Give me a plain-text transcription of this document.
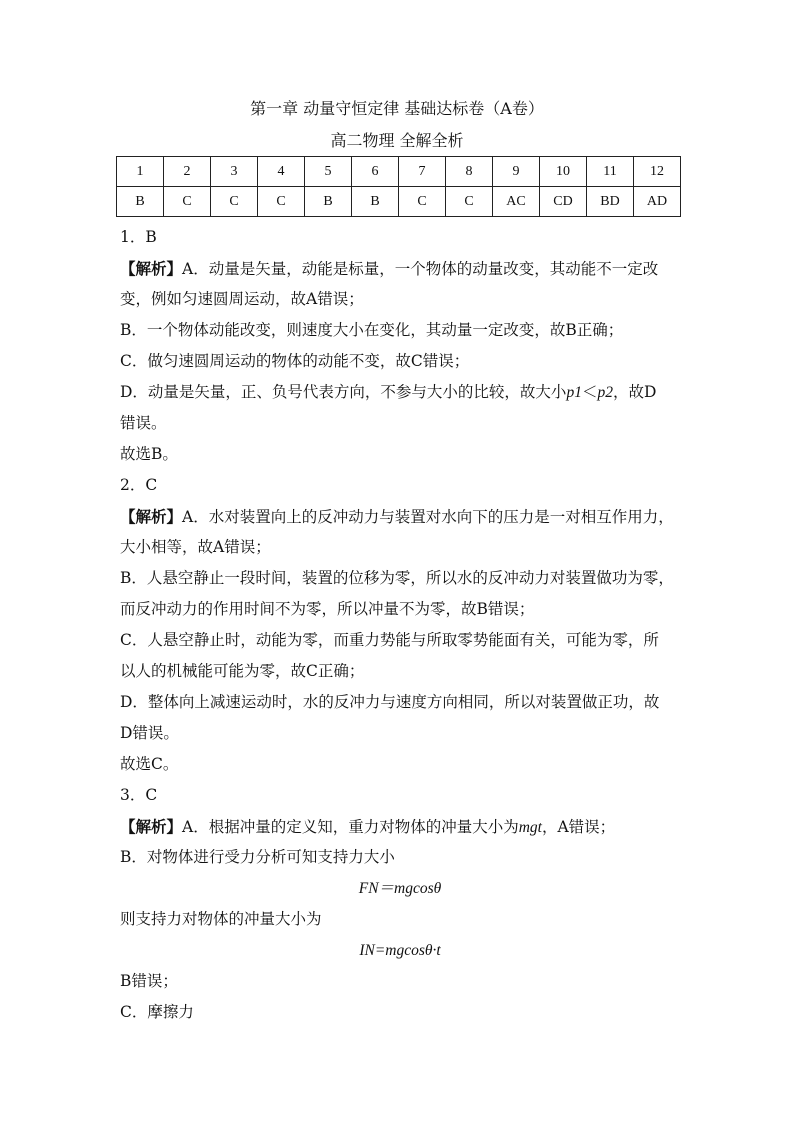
第一章 动量守恒定律 基础达标卷（A卷）
高二物理 全解全析
1	2	3	4	5	6	7	8	9	10	11	12
B	C	C	C	B	B	C	C	AC	CD	BD	AD
1．B
【解析】A．动量是矢量，动能是标量，一个物体的动量改变，其动能不一定改
变，例如匀速圆周运动，故A错误；
B．一个物体动能改变，则速度大小在变化，其动量一定改变，故B正确；
C．做匀速圆周运动的物体的动能不变，故C错误；
D．动量是矢量，正、负号代表方向，不参与大小的比较，故大小p1＜p2，故D
错误。
故选B。
2．C
【解析】A．水对装置向上的反冲动力与装置对水向下的压力是一对相互作用力，
大小相等，故A错误；
B．人悬空静止一段时间，装置的位移为零，所以水的反冲动力对装置做功为零，
而反冲动力的作用时间不为零，所以冲量不为零，故B错误；
C．人悬空静止时，动能为零，而重力势能与所取零势能面有关，可能为零，所
以人的机械能可能为零，故C正确；
D．整体向上减速运动时，水的反冲力与速度方向相同，所以对装置做正功，故
D错误。
故选C。
3．C
【解析】A．根据冲量的定义知，重力对物体的冲量大小为mgt，A错误；
B．对物体进行受力分析可知支持力大小
FN＝mgcosθ
则支持力对物体的冲量大小为
IN=mgcosθ·t
B错误；
C．摩擦力
